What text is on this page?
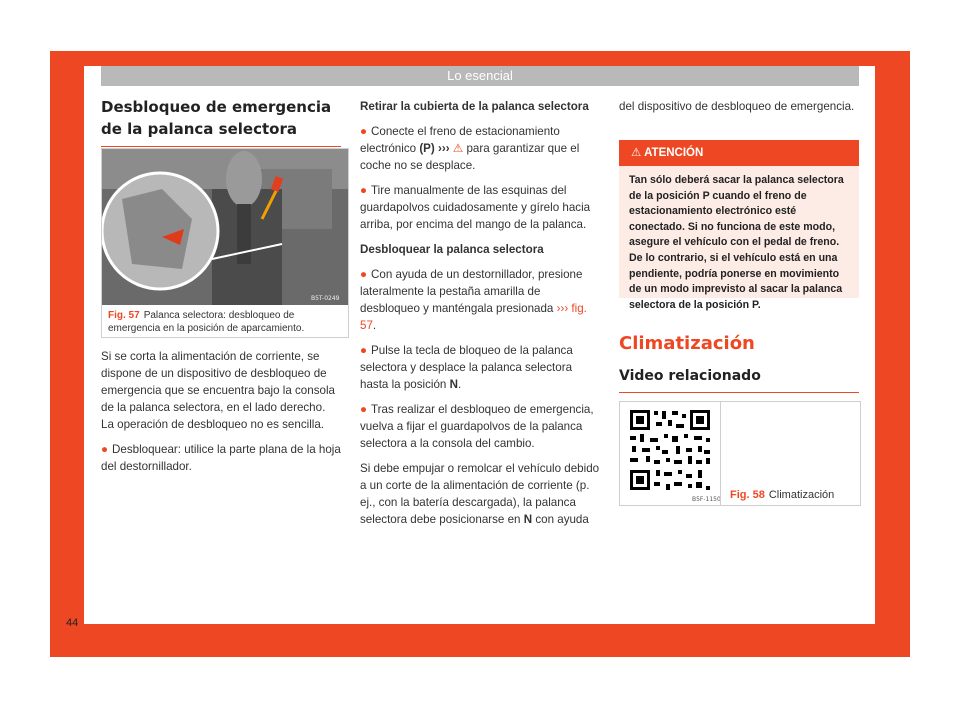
Lo esencial
Desbloqueo de emergencia de la palanca selectora
B5T-0249
Fig. 57 Palanca selectora: desbloqueo de emergencia en la posición de aparcamiento.

Si se corta la alimentación de corriente, se dispone de un dispositivo de desbloqueo de emergencia que se encuentra bajo la consola de la palanca selectora, en el lado derecho. La operación de desbloqueo no es sencilla.

● Desbloquear: utilice la parte plana de la hoja del destornillador.

Retirar la cubierta de la palanca selectora

● Conecte el freno de estacionamiento electrónico (P) ››› ⚠ para garantizar que el coche no se desplace.

● Tire manualmente de las esquinas del guardapolvos cuidadosamente y gírelo hacia arriba, por encima del mango de la palanca.

Desbloquear la palanca selectora

● Con ayuda de un destornillador, presione lateralmente la pestaña amarilla de desbloqueo y manténgala presionada ››› fig. 57.

● Pulse la tecla de bloqueo de la palanca selectora y desplace la palanca selectora hasta la posición N.

● Tras realizar el desbloqueo de emergencia, vuelva a fijar el guardapolvos de la palanca selectora a la consola del cambio.

Si debe empujar o remolcar el vehículo debido a un corte de la alimentación de corriente (p. ej., con la batería descargada), la palanca selectora debe posicionarse en N con ayuda

del dispositivo de desbloqueo de emergencia.

⚠ ATENCIÓN
Tan sólo deberá sacar la palanca selectora de la posición P cuando el freno de estacionamiento electrónico esté conectado. Si no funciona de este modo, asegure el vehículo con el pedal de freno. De lo contrario, si el vehículo está en una pendiente, podría ponerse en movimiento de un modo imprevisto al sacar la palanca selectora de la posición P.
Climatización
Video relacionado
B5F-1150 Fig. 58 Climatización
44
